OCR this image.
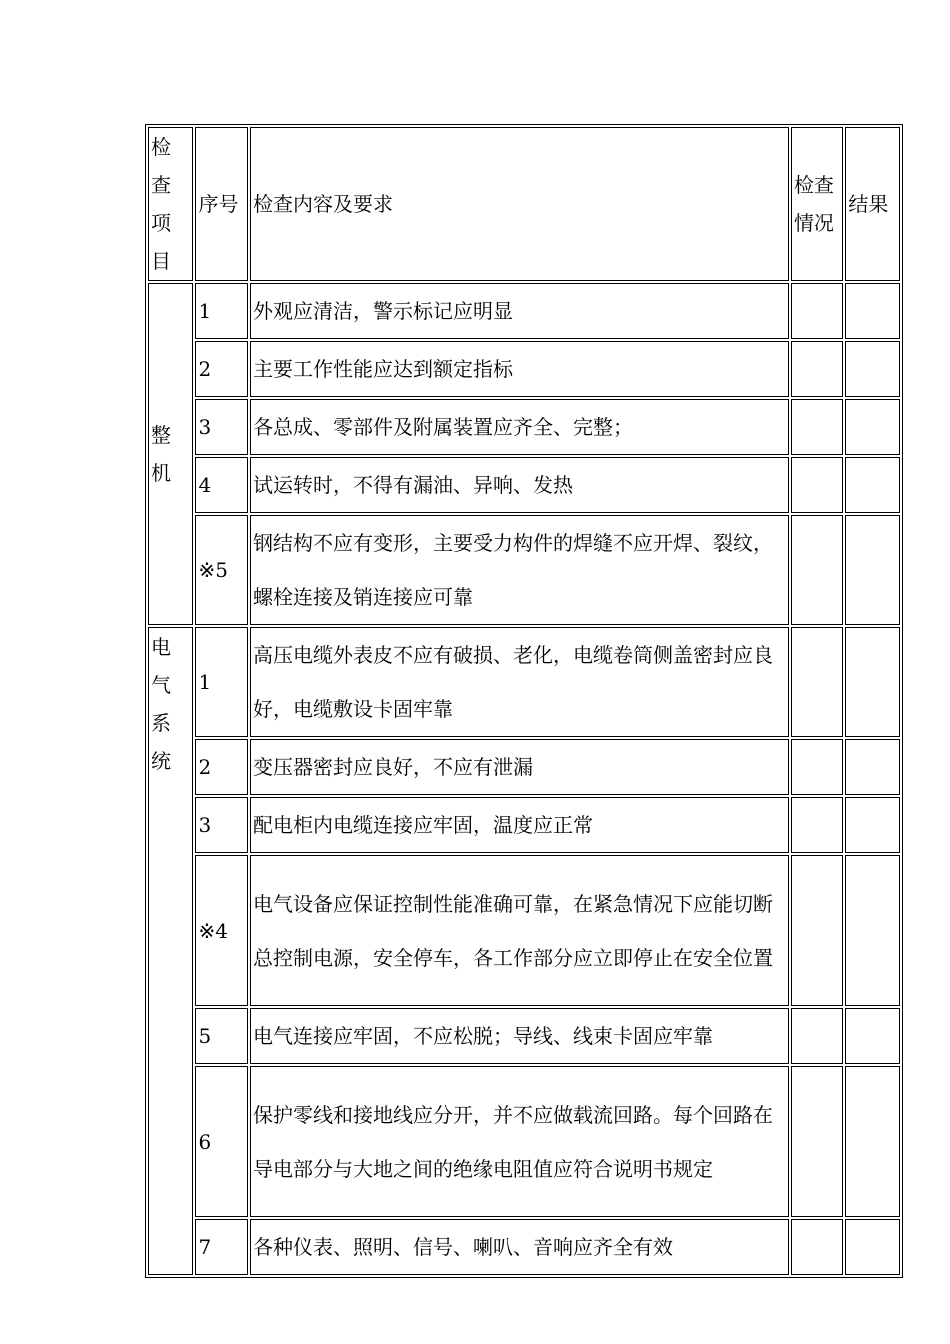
检查项目	序号	检查内容及要求	检查情况	结果
整机	1	外观应清洁，警示标记应明显		
	2	主要工作性能应达到额定指标		
	3	各总成、零部件及附属装置应齐全、完整；		
	4	试运转时，不得有漏油、异响、发热		
	※5	钢结构不应有变形，主要受力构件的焊缝不应开焊、裂纹，螺栓连接及销连接应可靠		
电气系统	1	高压电缆外表皮不应有破损、老化，电缆卷筒侧盖密封应良好，电缆敷设卡固牢靠		
	2	变压器密封应良好，不应有泄漏		
	3	配电柜内电缆连接应牢固，温度应正常		
	※4	电气设备应保证控制性能准确可靠，在紧急情况下应能切断总控制电源，安全停车，各工作部分应立即停止在安全位置		
	5	电气连接应牢固，不应松脱；导线、线束卡固应牢靠		
	6	保护零线和接地线应分开，并不应做载流回路。每个回路在导电部分与大地之间的绝缘电阻值应符合说明书规定		
	7	各种仪表、照明、信号、喇叭、音响应齐全有效		
